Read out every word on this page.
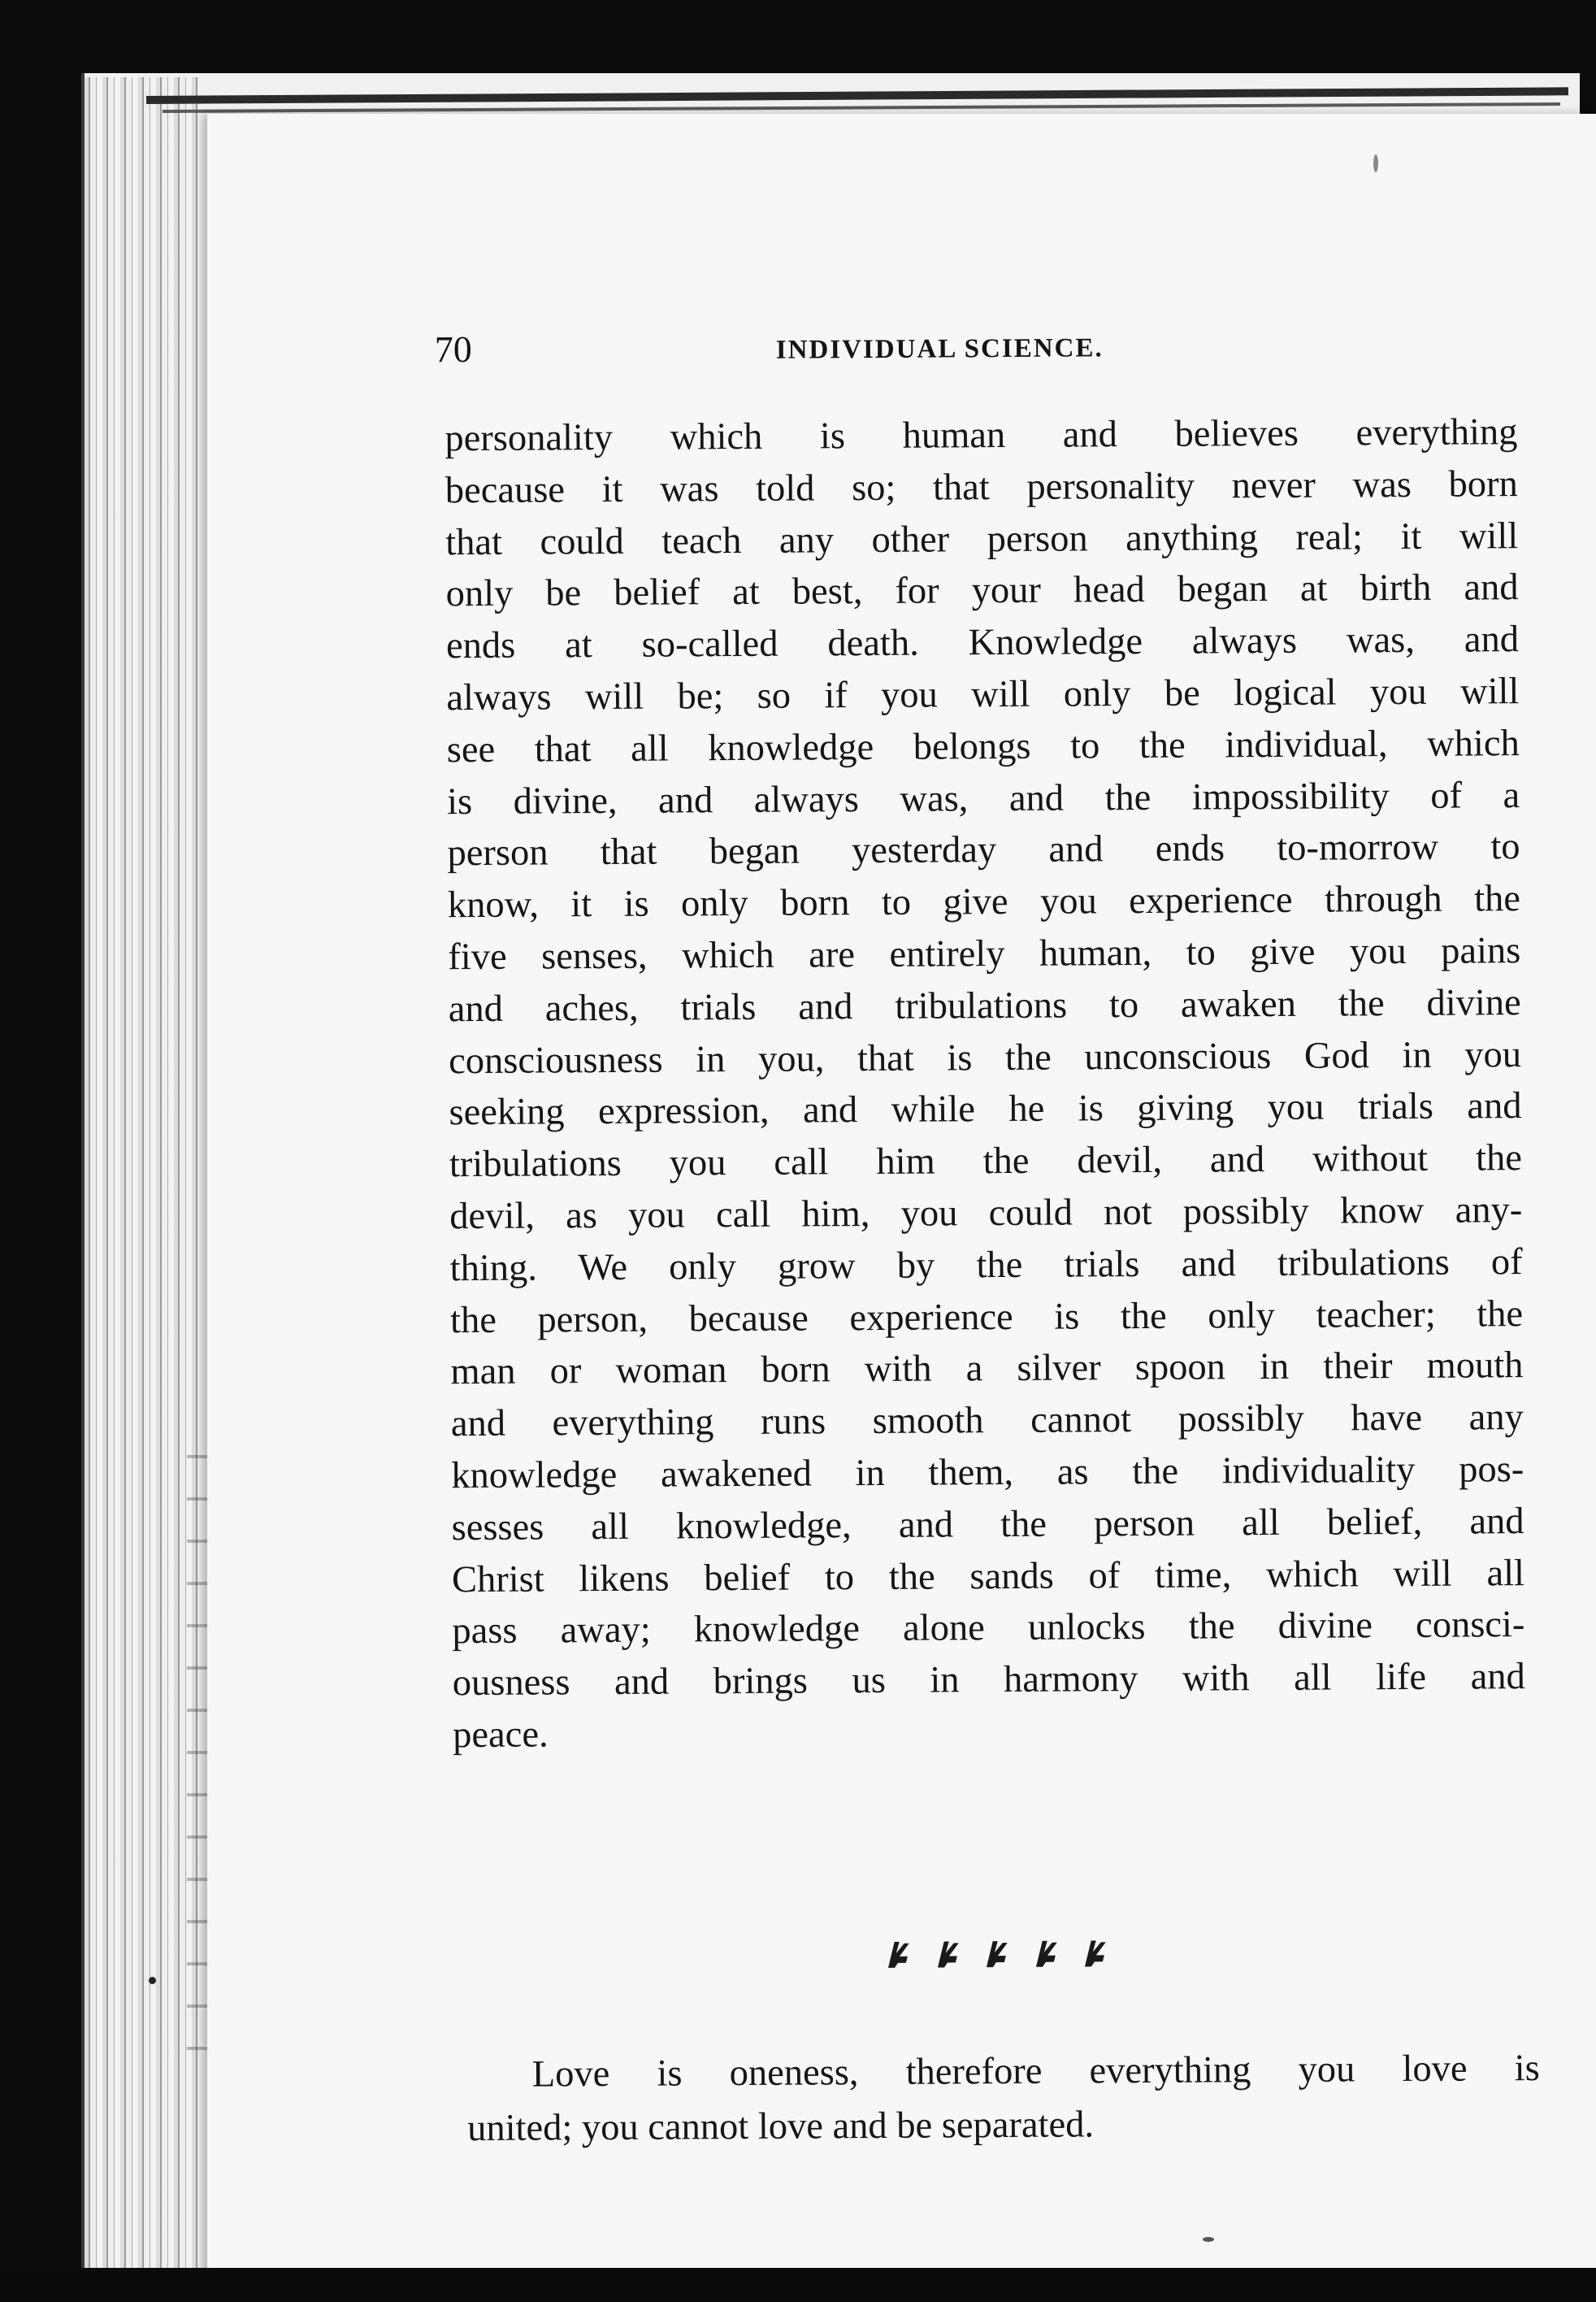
70	INDIVIDUAL SCIENCE.
personality which is human and believes everything
because it was told so; that personality never was born
that could teach any other person anything real; it will
only be belief at best, for your head began at birth and
ends at so-called death. Knowledge always was, and
always will be; so if you will only be logical you will
see that all knowledge belongs to the individual, which
is divine, and always was, and the impossibility of a
person that began yesterday and ends to-morrow to
know, it is only born to give you experience through the
five senses, which are entirely human, to give you pains
and aches, trials and tribulations to awaken the divine
consciousness in you, that is the unconscious God in you
seeking expression, and while he is giving you trials and
tribulations you call him the devil, and without the
devil, as you call him, you could not possibly know any-
thing. We only grow by the trials and tribulations of
the person, because experience is the only teacher; the
man or woman born with a silver spoon in their mouth
and everything runs smooth cannot possibly have any
knowledge awakened in them, as the individuality pos-
sesses all knowledge, and the person all belief, and
Christ likens belief to the sands of time, which will all
pass away; knowledge alone unlocks the divine consci-
ousness and brings us in harmony with all life and
peace.
Love is oneness, therefore everything you love is
united; you cannot love and be separated.
